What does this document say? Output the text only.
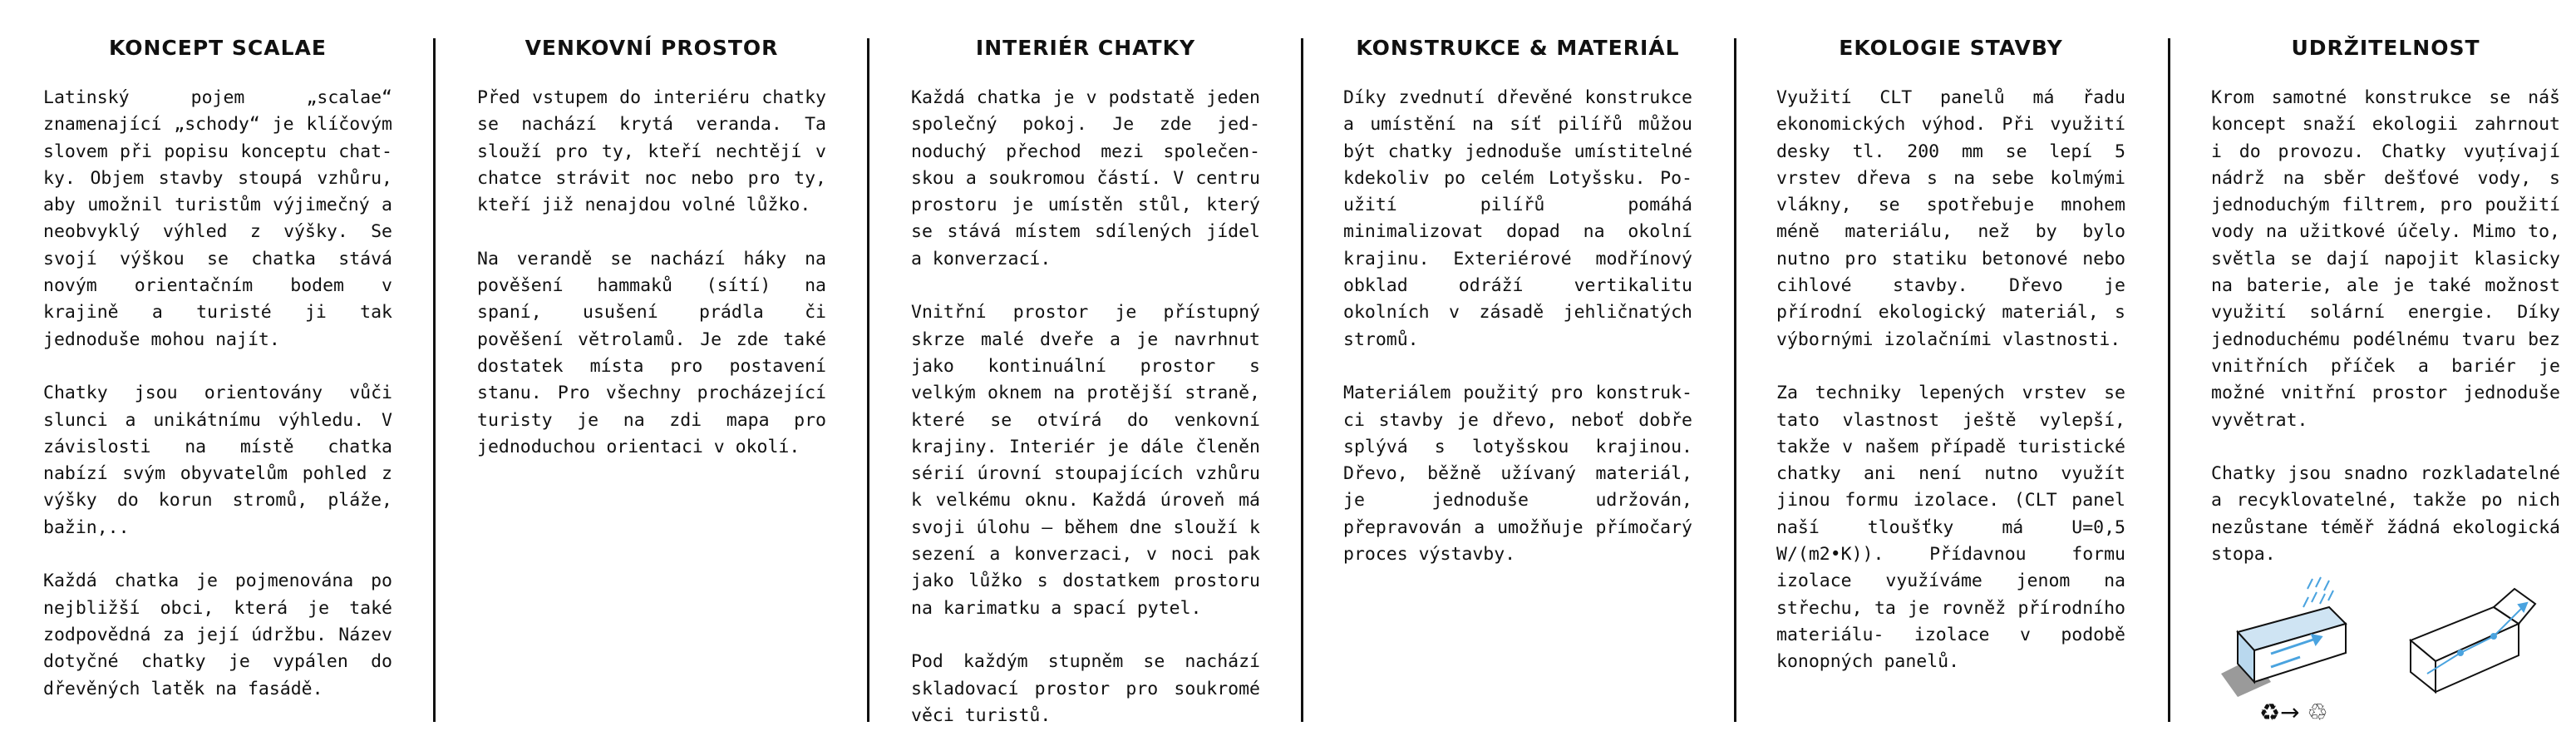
KONCEPT SCALAE

Latinský pojem „scalae“ znamenající „schody“ je klíčovým slovem při popisu konceptu chatky. Objem stavby stoupá vzhůru, aby umožnil turistům výjimečný a neobvyklý výhled z výšky. Se svojí výškou se chatka stává novým orientačním bodem v krajině a turisté ji tak jednoduše mohou najít.

Chatky jsou orientovány vůči slunci a unikátnímu výhledu. V závislosti na místě chatka nabízí svým obyvatelům pohled z výšky do korun stromů, pláže, bažin,..

Každá chatka je pojmenována po nejbližší obci, která je také zodpovědná za její údržbu. Název dotyčné chatky je vypálen do dřevěných latěk na fasádě.

VENKOVNÍ PROSTOR

Před vstupem do interiéru chatky se nachází krytá veranda. Ta slouží pro ty, kteří nechtějí v chatce strávit noc nebo pro ty, kteří již nenajdou volné lůžko.

Na verandě se nachází háky na pověšení hammaků (sítí) na spaní, usušení prádla či pověšení větrolamů. Je zde také dostatek místa pro postavení stanu. Pro všechny procházející turisty je na zdi mapa pro jednoduchou orientaci v okolí.

INTERIÉR CHATKY

Každá chatka je v podstatě jeden společný pokoj. Je zde jednoduchý přechod mezi společenskou a soukromou částí. V centru prostoru je umístěn stůl, který se stává místem sdílených jídel a konverzací.

Vnitřní prostor je přístupný skrze malé dveře a je navrhnut jako kontinuální prostor s velkým oknem na protější straně, které se otvírá do venkovní krajiny. Interiér je dále členěn sérií úrovní stoupajících vzhůru k velkému oknu. Každá úroveň má svoji úlohu – během dne slouží k sezení a konverzaci, v noci pak jako lůžko s dostatkem prostoru na karimatku a spací pytel.

Pod každým stupněm se nachází skladovací prostor pro soukromé věci turistů.

KONSTRUKCE & MATERIÁL

Díky zvednutí dřevěné konstrukce a umístění na síť pilířů můžou být chatky jednoduše umístitelné kdekoliv po celém Lotyšsku. Použití pilířů pomáhá minimalizovat dopad na okolní krajinu. Exteriérové modřínový obklad odráží vertikalitu okolních v zásadě jehličnatých stromů.

Materiálem použitý pro konstrukci stavby je dřevo, neboť dobře splývá s lotyšskou krajinou. Dřevo, běžně užívaný materiál, je jednoduše udržován, přepravován a umožňuje přímočarý proces výstavby.

EKOLOGIE STAVBY

Využití CLT panelů má řadu ekonomických výhod. Při využití desky tl. 200 mm se lepí 5 vrstev dřeva s na sebe kolmými vlákny, se spotřebuje mnohem méně materiálu, než by bylo nutno pro statiku betonové nebo cihlové stavby. Dřevo je přírodní ekologický materiál, s výbornými izolačními vlastnosti.

Za techniky lepených vrstev se tato vlastnost ještě vylepší, takže v našem případě turistické chatky ani není nutno využít jinou formu izolace. (CLT panel naší tloušťky má U=0,5 W/(m2•K)). Přídavnou formu izolace využíváme jenom na střechu, ta je rovněž přírodního materiálu- izolace v podobě konopných panelů.

UDRŽITELNOST

Krom samotné konstrukce se náš koncept snaží ekologii zahrnout i do provozu. Chatky vyuțívají nádrž na sběr dešťové vody, s jednoduchým filtrem, pro použití vody na užitkové účely. Mimo to, světla se dají napojit klasicky na baterie, ale je také možnost využití solární energie. Díky jednoduchému podélnému tvaru bez vnitřních příček a bariér je možné vnitřní prostor jednoduše vyvětrat.

Chatky jsou snadno rozkladatelné a recyklovatelné, takže po nich nezůstane téměř žádná ekologická stopa.

♻→ ♲
